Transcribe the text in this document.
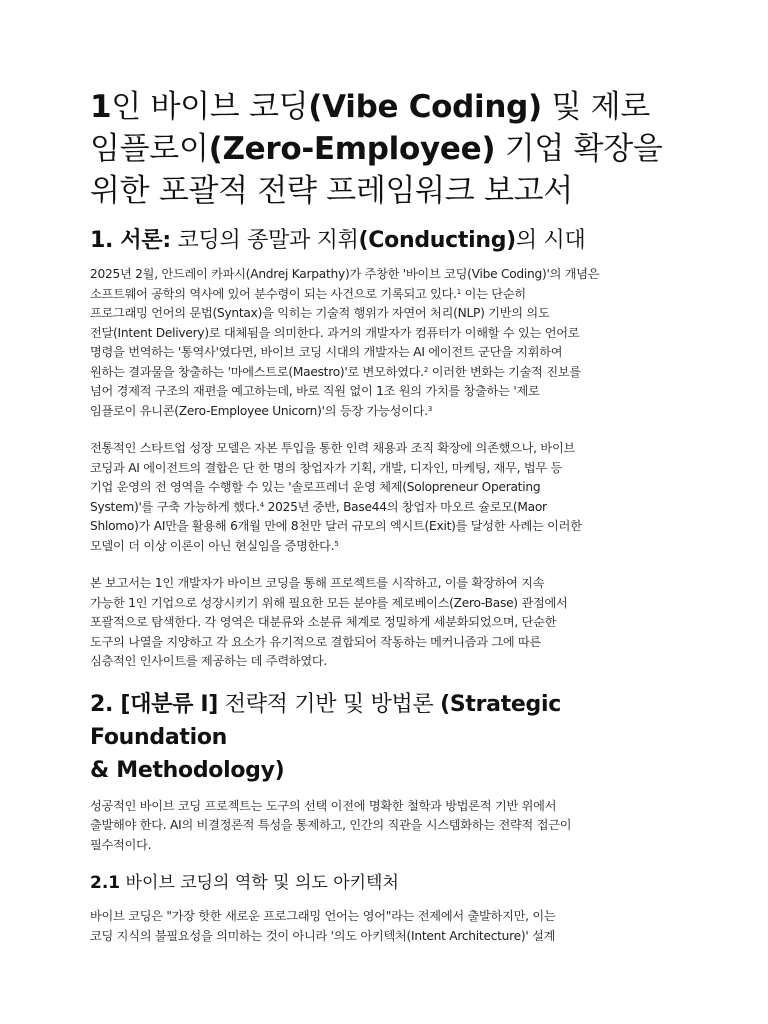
1인 바이브 코딩(Vibe Coding) 및 제로
임플로이(Zero-Employee) 기업 확장을
위한 포괄적 전략 프레임워크 보고서
1. 서론: 코딩의 종말과 지휘(Conducting)의 시대

2025년 2월, 안드레이 카파시(Andrej Karpathy)가 주창한 '바이브 코딩(Vibe Coding)'의 개념은
소프트웨어 공학의 역사에 있어 분수령이 되는 사건으로 기록되고 있다.$^1$ 이는 단순히
프로그래밍 언어의 문법(Syntax)을 익히는 기술적 행위가 자연어 처리(NLP) 기반의 의도
전달(Intent Delivery)로 대체됨을 의미한다. 과거의 개발자가 컴퓨터가 이해할 수 있는 언어로
명령을 번역하는 '통역사'였다면, 바이브 코딩 시대의 개발자는 AI 에이전트 군단을 지휘하여
원하는 결과물을 창출하는 '마에스트로(Maestro)'로 변모하였다.$^2$ 이러한 변화는 기술적 진보를
넘어 경제적 구조의 재편을 예고하는데, 바로 직원 없이 1조 원의 가치를 창출하는 '제로
임플로이 유니콘(Zero-Employee Unicorn)'의 등장 가능성이다.$^3$

전통적인 스타트업 성장 모델은 자본 투입을 통한 인력 채용과 조직 확장에 의존했으나, 바이브
코딩과 AI 에이전트의 결합은 단 한 명의 창업자가 기획, 개발, 디자인, 마케팅, 재무, 법무 등
기업 운영의 전 영역을 수행할 수 있는 '솔로프레너 운영 체제(Solopreneur Operating
System)'를 구축 가능하게 했다.$^4$ 2025년 중반, Base44의 창업자 마오르 슐로모(Maor
Shlomo)가 AI만을 활용해 6개월 만에 8천만 달러 규모의 엑시트(Exit)를 달성한 사례는 이러한
모델이 더 이상 이론이 아닌 현실임을 증명한다.$^5$

본 보고서는 1인 개발자가 바이브 코딩을 통해 프로젝트를 시작하고, 이를 확장하여 지속
가능한 1인 기업으로 성장시키기 위해 필요한 모든 분야를 제로베이스(Zero-Base) 관점에서
포괄적으로 탐색한다. 각 영역은 대분류와 소분류 체계로 정밀하게 세분화되었으며, 단순한
도구의 나열을 지양하고 각 요소가 유기적으로 결합되어 작동하는 메커니즘과 그에 따른
심층적인 인사이트를 제공하는 데 주력하였다.

2. [대분류 I] 전략적 기반 및 방법론 (Strategic Foundation
& Methodology)

성공적인 바이브 코딩 프로젝트는 도구의 선택 이전에 명확한 철학과 방법론적 기반 위에서
출발해야 한다. AI의 비결정론적 특성을 통제하고, 인간의 직관을 시스템화하는 전략적 접근이
필수적이다.

2.1 바이브 코딩의 역학 및 의도 아키텍처

바이브 코딩은 "가장 핫한 새로운 프로그래밍 언어는 영어"라는 전제에서 출발하지만, 이는
코딩 지식의 불필요성을 의미하는 것이 아니라 '의도 아키텍처(Intent Architecture)' 설계
